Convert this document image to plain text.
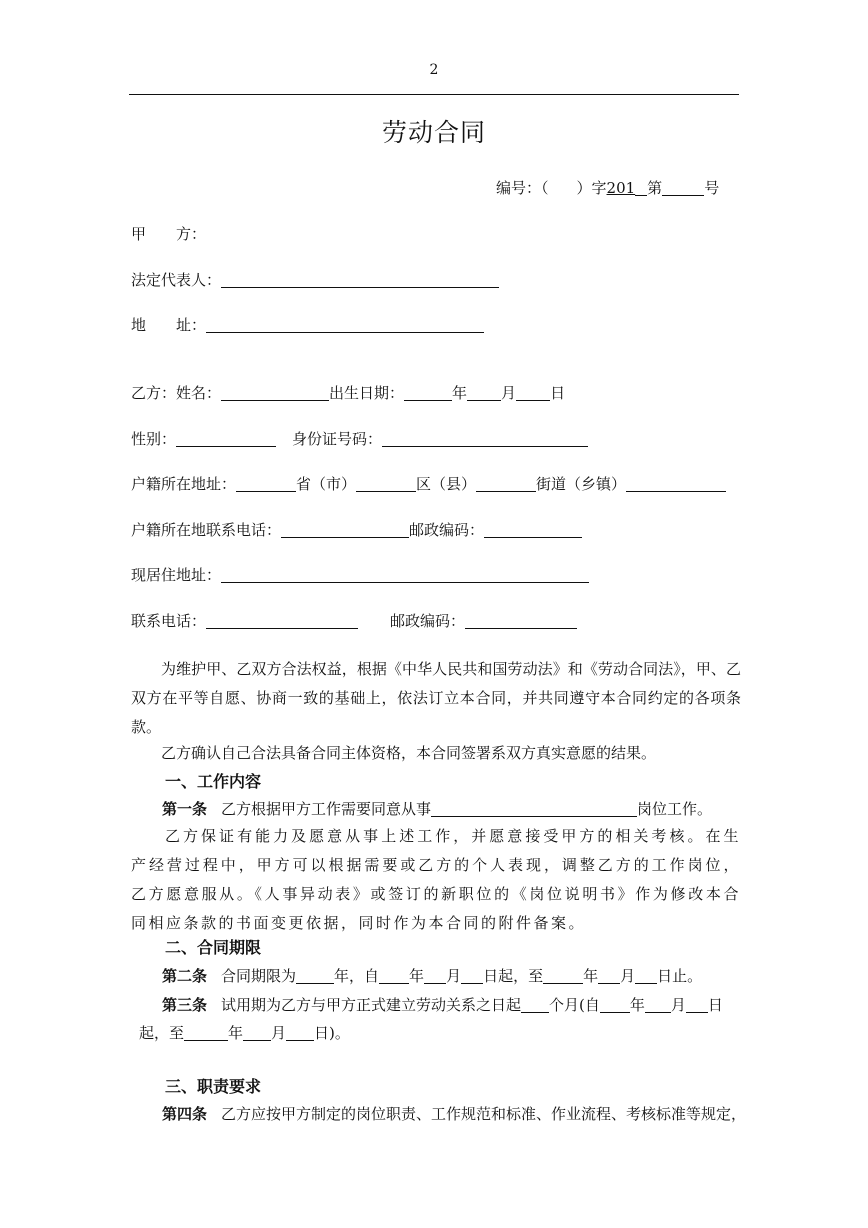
2
劳动合同
编号：（ ）字201 第	号
甲　　方：
法定代表人：
地　　址：
乙方：姓名：	出生日期：	年 月 日
性别：	身份证号码：
户籍所在地址：	省（市）	区（县）	街道（乡镇）
户籍所在地联系电话：	邮政编码：
现居住地址：
联系电话：	邮政编码：
为维护甲、乙双方合法权益，根据《中华人民共和国劳动法》和《劳动合同法》，甲、乙双方在平等自愿、协商一致的基础上，依法订立本合同，并共同遵守本合同约定的各项条款。
乙方确认自己合法具备合同主体资格，本合同签署系双方真实意愿的结果。
一、工作内容
第一条 乙方根据甲方工作需要同意从事	岗位工作。
乙方保证有能力及愿意从事上述工作，并愿意接受甲方的相关考核。在生产经营过程中，甲方可以根据需要或乙方的个人表现，调整乙方的工作岗位，乙方愿意服从。《人事异动表》或签订的新职位的《岗位说明书》作为修改本合同相应条款的书面变更依据，同时作为本合同的附件备案。
二、合同期限
第二条 合同期限为	年，自 年 月 日起，至	年 月 日止。
第三条 试用期为乙方与甲方正式建立劳动关系之日起 个月(自 年 月 日
起，至	年 月 日)。
三、职责要求
第四条 乙方应按甲方制定的岗位职责、工作规范和标准、作业流程、考核标准等规定，
